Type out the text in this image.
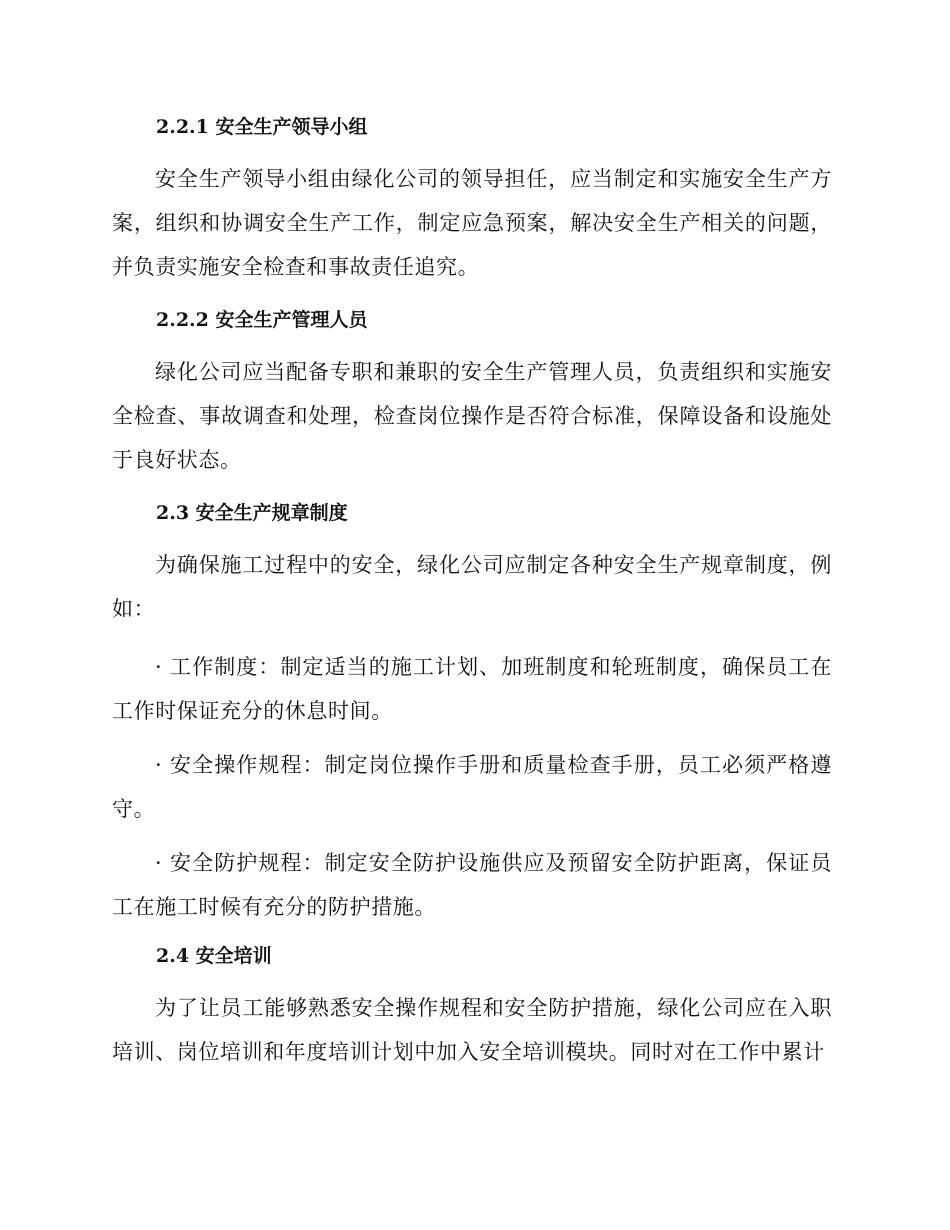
2.2.1 安全生产领导小组

安全生产领导小组由绿化公司的领导担任，应当制定和实施安全生产方案，组织和协调安全生产工作，制定应急预案，解决安全生产相关的问题，并负责实施安全检查和事故责任追究。

2.2.2 安全生产管理人员

绿化公司应当配备专职和兼职的安全生产管理人员，负责组织和实施安全检查、事故调查和处理，检查岗位操作是否符合标准，保障设备和设施处于良好状态。

2.3 安全生产规章制度

为确保施工过程中的安全，绿化公司应制定各种安全生产规章制度，例如：

· 工作制度：制定适当的施工计划、加班制度和轮班制度，确保员工在工作时保证充分的休息时间。

· 安全操作规程：制定岗位操作手册和质量检查手册，员工必须严格遵守。

· 安全防护规程：制定安全防护设施供应及预留安全防护距离，保证员工在施工时候有充分的防护措施。

2.4 安全培训

为了让员工能够熟悉安全操作规程和安全防护措施，绿化公司应在入职培训、岗位培训和年度培训计划中加入安全培训模块。同时对在工作中累计
